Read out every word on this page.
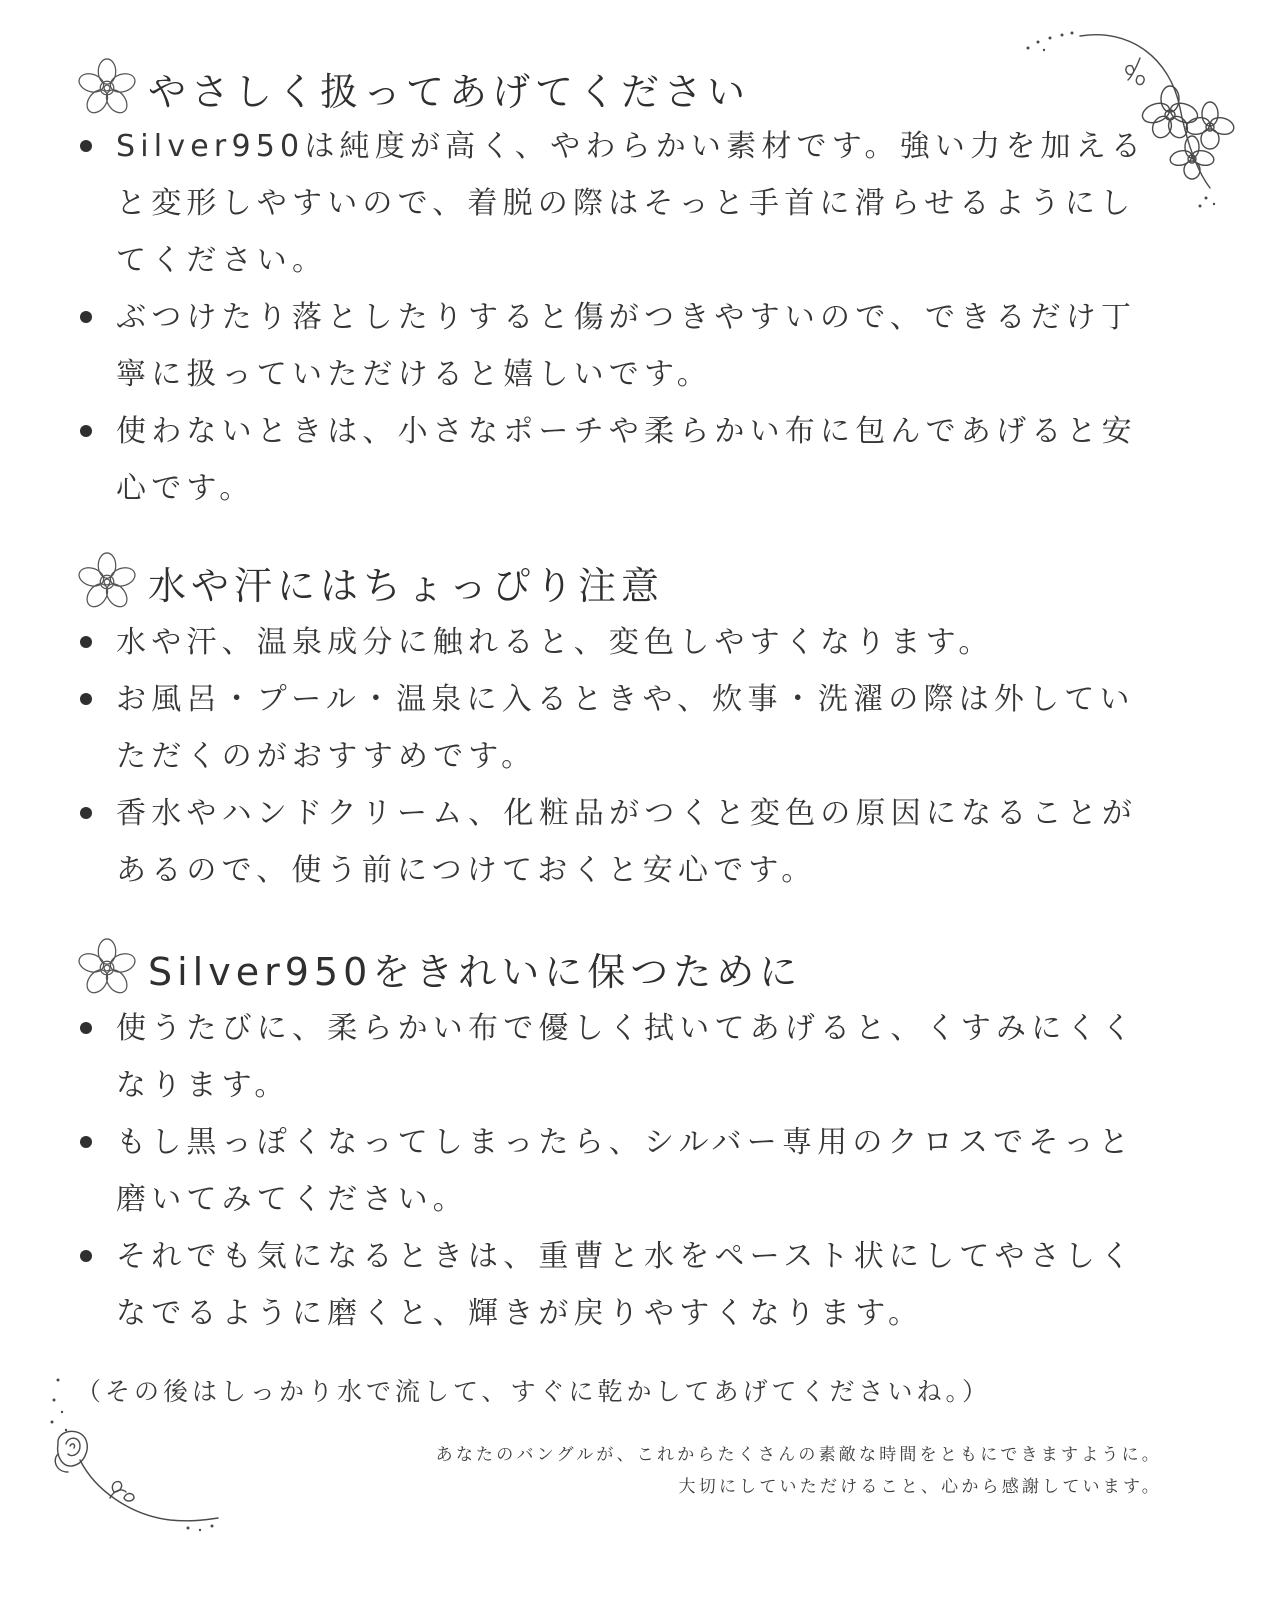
やさしく扱ってあげてください
Silver950は純度が高く、やわらかい素材です。強い力を加えると変形しやすいので、着脱の際はそっと手首に滑らせるようにしてください。
ぶつけたり落としたりすると傷がつきやすいので、できるだけ丁寧に扱っていただけると嬉しいです。
使わないときは、小さなポーチや柔らかい布に包んであげると安心です。
水や汗にはちょっぴり注意
水や汗、温泉成分に触れると、変色しやすくなります。
お風呂・プール・温泉に入るときや、炊事・洗濯の際は外していただくのがおすすめです。
香水やハンドクリーム、化粧品がつくと変色の原因になることがあるので、使う前につけておくと安心です。
Silver950をきれいに保つために
使うたびに、柔らかい布で優しく拭いてあげると、くすみにくくなります。
もし黒っぽくなってしまったら、シルバー専用のクロスでそっと磨いてみてください。
それでも気になるときは、重曹と水をペースト状にしてやさしくなでるように磨くと、輝きが戻りやすくなります。
（その後はしっかり水で流して、すぐに乾かしてあげてくださいね。）
あなたのバングルが、これからたくさんの素敵な時間をともにできますように。
大切にしていただけること、心から感謝しています。
